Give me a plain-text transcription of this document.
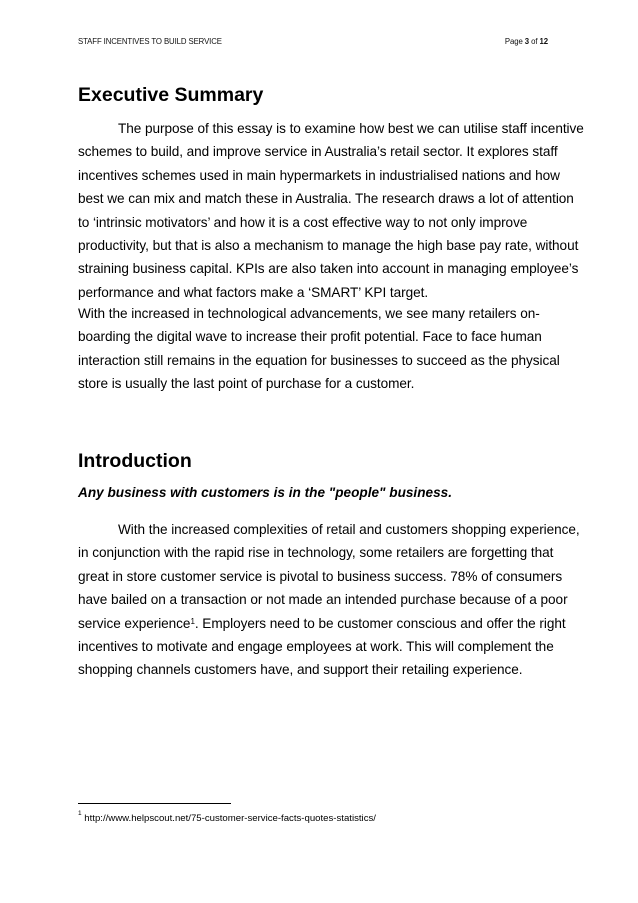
STAFF INCENTIVES TO BUILD SERVICE	Page 3 of 12
Executive Summary
The purpose of this essay is to examine how best we can utilise staff incentive
schemes to build, and improve service in Australia’s retail sector. It explores staff
incentives schemes used in main hypermarkets in industrialised nations and how
best we can mix and match these in Australia. The research draws a lot of attention
to ‘intrinsic motivators’ and how it is a cost effective way to not only improve
productivity, but that is also a mechanism to manage the high base pay rate, without
straining business capital. KPIs are also taken into account in managing employee’s
performance and what factors make a ‘SMART’ KPI target.
With the increased in technological advancements, we see many retailers on-
boarding the digital wave to increase their profit potential. Face to face human
interaction still remains in the equation for businesses to succeed as the physical
store is usually the last point of purchase for a customer.
Introduction

Any business with customers is in the "people" business.

With the increased complexities of retail and customers shopping experience,
in conjunction with the rapid rise in technology, some retailers are forgetting that
great in store customer service is pivotal to business success. 78% of consumers
have bailed on a transaction or not made an intended purchase because of a poor
service experience$^1$. Employers need to be customer conscious and offer the right
incentives to motivate and engage employees at work. This will complement the
shopping channels customers have, and support their retailing experience.
$^1$ http://www.helpscout.net/75-customer-service-facts-quotes-statistics/
